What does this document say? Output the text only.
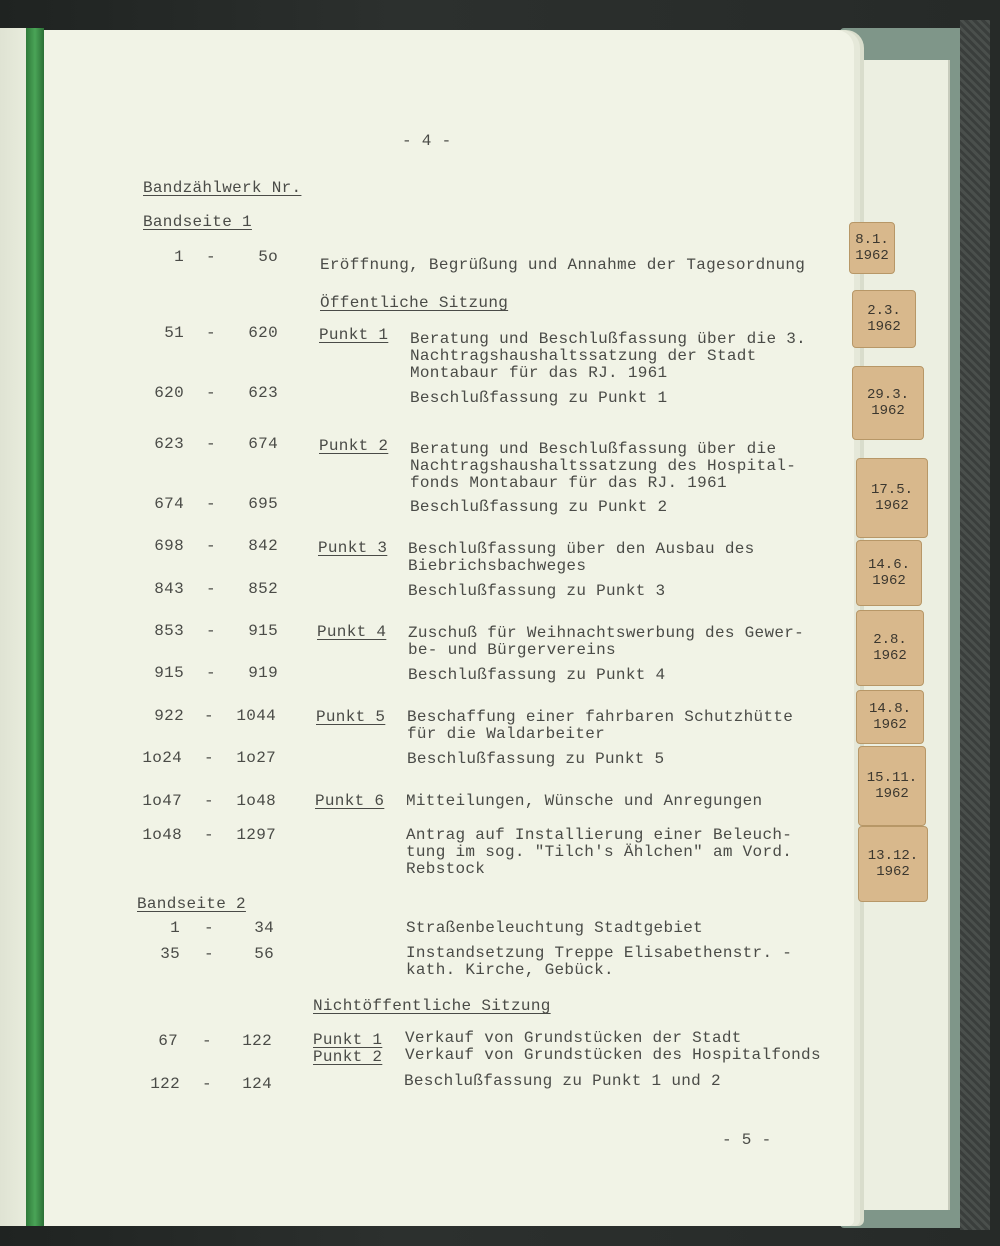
8.1.
1962
2.3.
1962
29.3.
1962
17.5.
1962
14.6.
1962
2.8.
1962
14.8.
1962
15.11.
1962
13.12.
1962
- 4 -
Bandzählwerk Nr.
Bandseite 1
Öffentliche Sitzung
Bandseite 2
Nichtöffentliche Sitzung
- 5 -
1 -	5o	Eröffnung, Begrüßung und Annahme der Tagesordnung
51 -	620	Punkt 1 Beratung und Beschlußfassung über die 3.
Nachtragshaushaltssatzung der Stadt
Montabaur für das RJ. 1961
620 -	623	Beschlußfassung zu Punkt 1
623 -	674	Punkt 2 Beratung und Beschlußfassung über die
Nachtragshaushaltssatzung des Hospital-
fonds Montabaur für das RJ. 1961
674 -	695	Beschlußfassung zu Punkt 2
698 -	842	Punkt 3 Beschlußfassung über den Ausbau des
Biebrichsbachweges
843 -	852	Beschlußfassung zu Punkt 3
853 -	915 Punkt 4 Zuschuß für Weihnachtswerbung des Gewer-
be- und Bürgervereins
915 -	919	Beschlußfassung zu Punkt 4
922 -	1044	Punkt 5 Beschaffung einer fahrbaren Schutzhütte
für die Waldarbeiter
1o24 -	1o27	Beschlußfassung zu Punkt 5
1o47 -	1o48 Punkt 6 Mitteilungen, Wünsche und Anregungen
1o48 -	1297	Antrag auf Installierung einer Beleuch-
tung im sog. "Tilch's Ählchen" am Vord.
Rebstock
1 -	34	Straßenbeleuchtung Stadtgebiet
35 -	56	Instandsetzung Treppe Elisabethenstr. -
kath. Kirche, Gebück.
67 -	122	Punkt 1 Verkauf von Grundstücken der Stadt
Punkt 2 Verkauf von Grundstücken des Hospitalfonds
122 -	124	Beschlußfassung zu Punkt 1 und 2
